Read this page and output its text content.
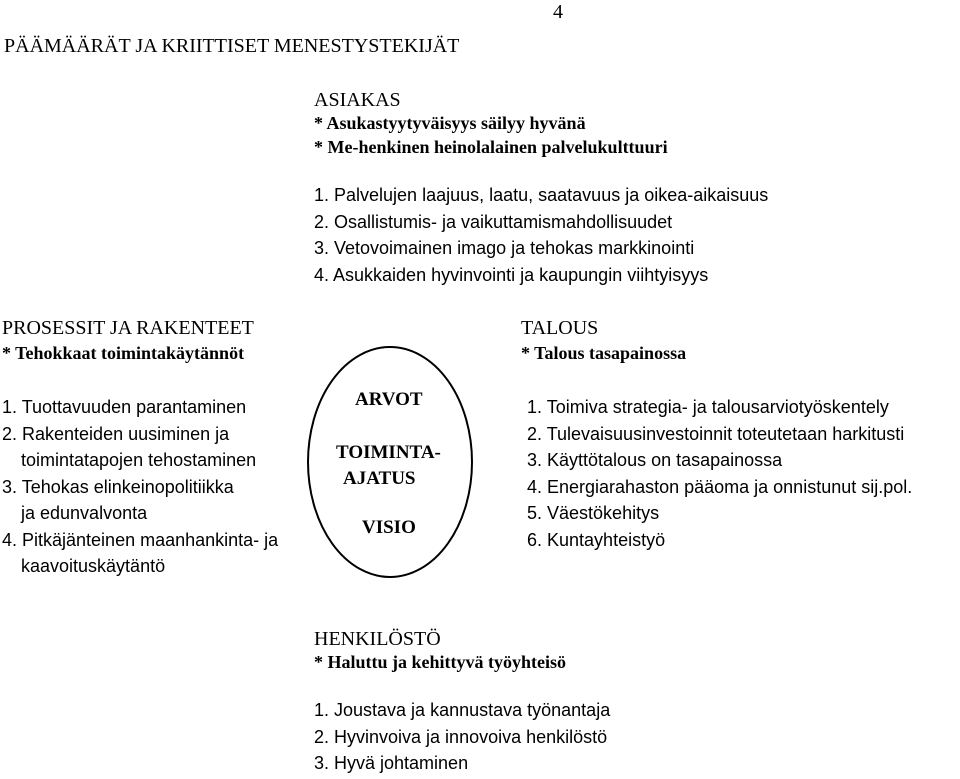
4
PÄÄMÄÄRÄT JA KRIITTISET MENESTYSTEKIJÄT
ASIAKAS
* Asukastyytyväisyys säilyy hyvänä
* Me-henkinen heinolalainen palvelukulttuuri
1. Palvelujen laajuus, laatu, saatavuus ja oikea-aikaisuus
2. Osallistumis- ja vaikuttamismahdollisuudet
3. Vetovoimainen imago ja tehokas markkinointi
4. Asukkaiden hyvinvointi ja kaupungin viihtyisyys
PROSESSIT JA RAKENTEET
* Tehokkaat toimintakäytännöt
1. Tuottavuuden parantaminen
2. Rakenteiden uusiminen ja
toimintatapojen tehostaminen
3. Tehokas elinkeinopolitiikka
ja edunvalvonta
4. Pitkäjänteinen maanhankinta- ja
kaavoituskäytäntö
TALOUS
* Talous tasapainossa
1. Toimiva strategia- ja talousarviotyöskentely
2. Tulevaisuusinvestoinnit toteutetaan harkitusti
3. Käyttötalous on tasapainossa
4. Energiarahaston pääoma ja onnistunut sij.pol.
5. Väestökehitys
6. Kuntayhteistyö
ARVOT
TOIMINTA-
AJATUS
VISIO
HENKILÖSTÖ
* Haluttu ja kehittyvä työyhteisö
1. Joustava ja kannustava työnantaja
2. Hyvinvoiva ja innovoiva henkilöstö
3. Hyvä johtaminen
